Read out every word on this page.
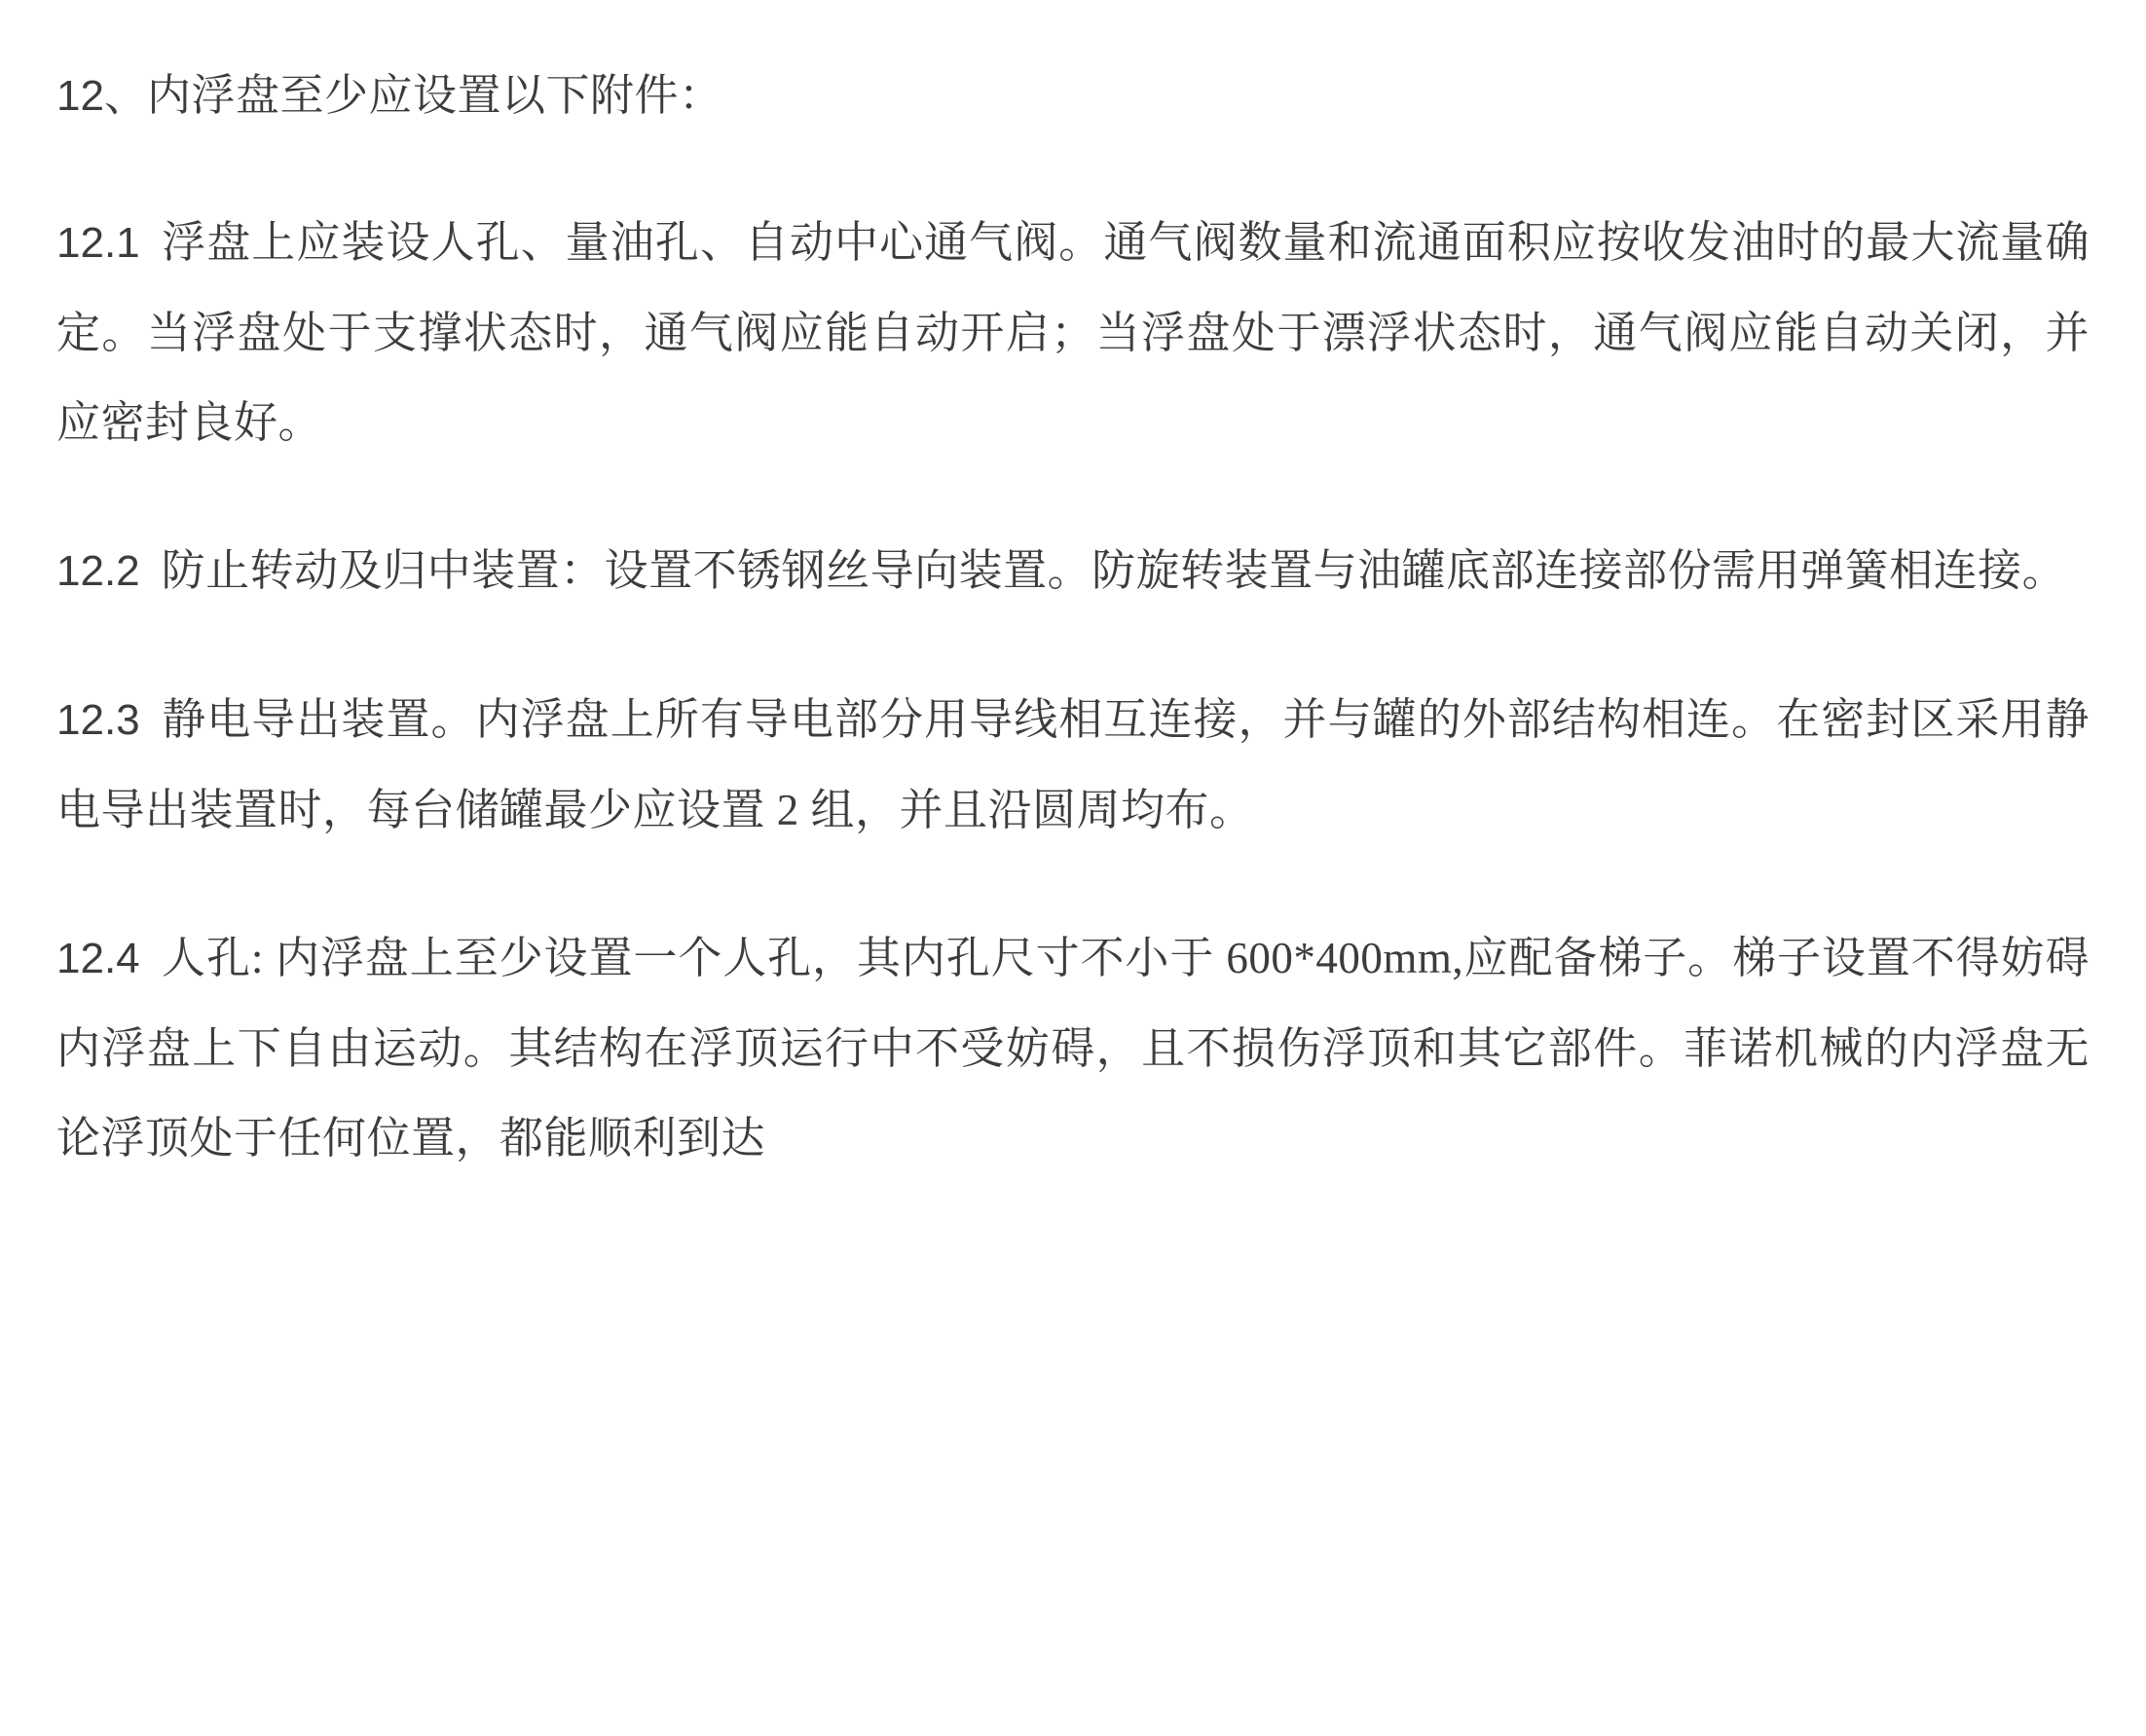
12、内浮盘至少应设置以下附件：

12.1 浮盘上应装设人孔、量油孔、自动中心通气阀。通气阀数量和流通面积应按收发油时的最大流量确定。当浮盘处于支撑状态时，通气阀应能自动开启；当浮盘处于漂浮状态时，通气阀应能自动关闭，并应密封良好。

12.2 防止转动及归中装置：设置不锈钢丝导向装置。防旋转装置与油罐底部连接部份需用弹簧相连接。

12.3 静电导出装置。内浮盘上所有导电部分用导线相互连接，并与罐的外部结构相连。在密封区采用静电导出装置时，每台储罐最少应设置 2 组，并且沿圆周均布。

12.4 人孔: 内浮盘上至少设置一个人孔，其内孔尺寸不小于 600*400mm,应配备梯子。梯子设置不得妨碍内浮盘上下自由运动。其结构在浮顶运行中不受妨碍，且不损伤浮顶和其它部件。菲诺机械的内浮盘无论浮顶处于任何位置，都能顺利到达
